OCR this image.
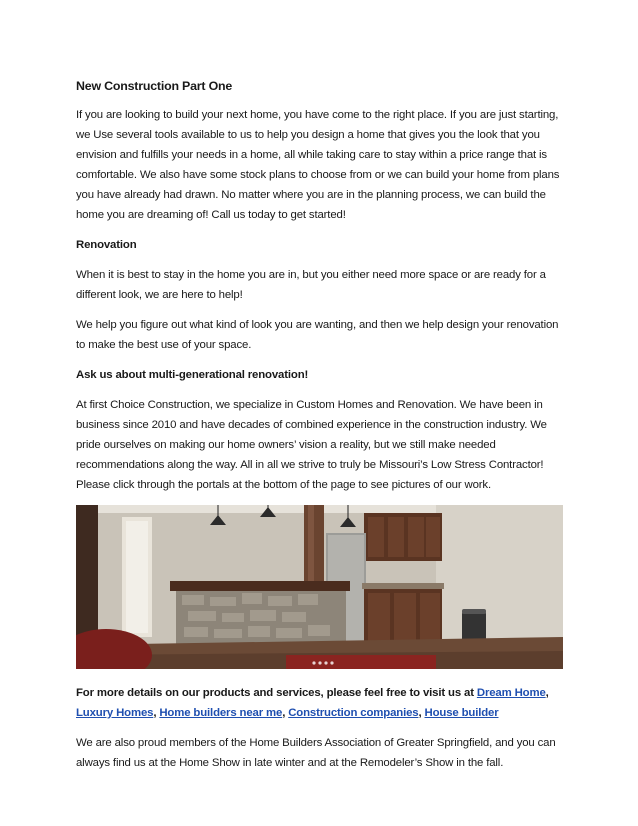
New Construction Part One

If you are looking to build your next home, you have come to the right place. If you are just starting, we Use several tools available to us to help you design a home that gives you the look that you envision and fulfills your needs in a home, all while taking care to stay within a price range that is comfortable. We also have some stock plans to choose from or we can build your home from plans you have already had drawn. No matter where you are in the planning process, we can build the home you are dreaming of! Call us today to get started!

Renovation

When it is best to stay in the home you are in, but you either need more space or are ready for a different look, we are here to help!

We help you figure out what kind of look you are wanting, and then we help design your renovation to make the best use of your space.

Ask us about multi-generational renovation!

At first Choice Construction, we specialize in Custom Homes and Renovation. We have been in business since 2010 and have decades of combined experience in the construction industry. We pride ourselves on making our home owners’ vision a reality, but we still make needed recommendations along the way. All in all we strive to truly be Missouri’s Low Stress Contractor! Please click through the portals at the bottom of the page to see pictures of our work.

For more details on our products and services, please feel free to visit us at Dream Home, Luxury Homes, Home builders near me, Construction companies, House builder

We are also proud members of the Home Builders Association of Greater Springfield, and you can always find us at the Home Show in late winter and at the Remodeler’s Show in the fall.
